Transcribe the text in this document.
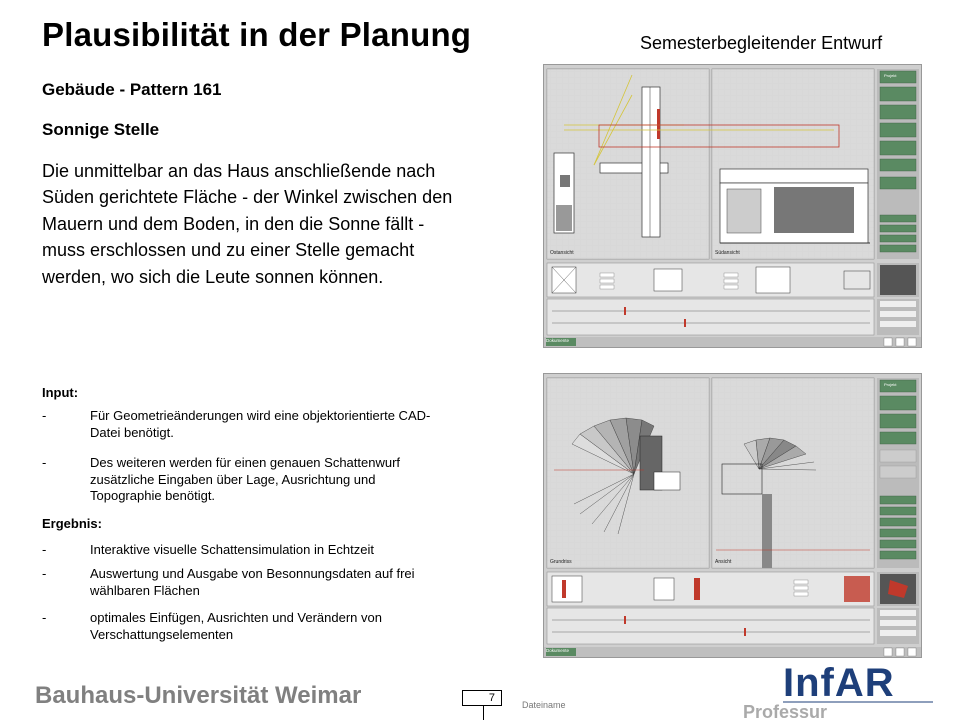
Plausibilität in der Planung	Semesterbegleitender Entwurf
Gebäude - Pattern 161
Sonnige Stelle
Die unmittelbar an das Haus anschließende nach Süden gerichtete Fläche - der Winkel zwischen den Mauern und dem Boden, in den die Sonne fällt - muss erschlossen und zu einer Stelle gemacht werden, wo sich die Leute sonnen können.
Input:
-	Für Geometrieänderungen wird eine objektorientierte CAD-Datei benötigt.
-	Des weiteren werden für einen genauen Schattenwurf zusätzliche Eingaben über Lage, Ausrichtung und Topographie benötigt.
Ergebnis:
-	Interaktive visuelle Schattensimulation in Echtzeit
-	Auswertung und Ausgabe von Besonnungsdaten auf frei wählbaren Flächen
-	optimales Einfügen, Ausrichten und Verändern von Verschattungselementen
Ostansicht	Südansicht
Projekt
Dokumente
Grundriss	Ansicht
Projekt
Dokumente
Bauhaus-Universität Weimar	7
Dateiname	InfAR
Professur
